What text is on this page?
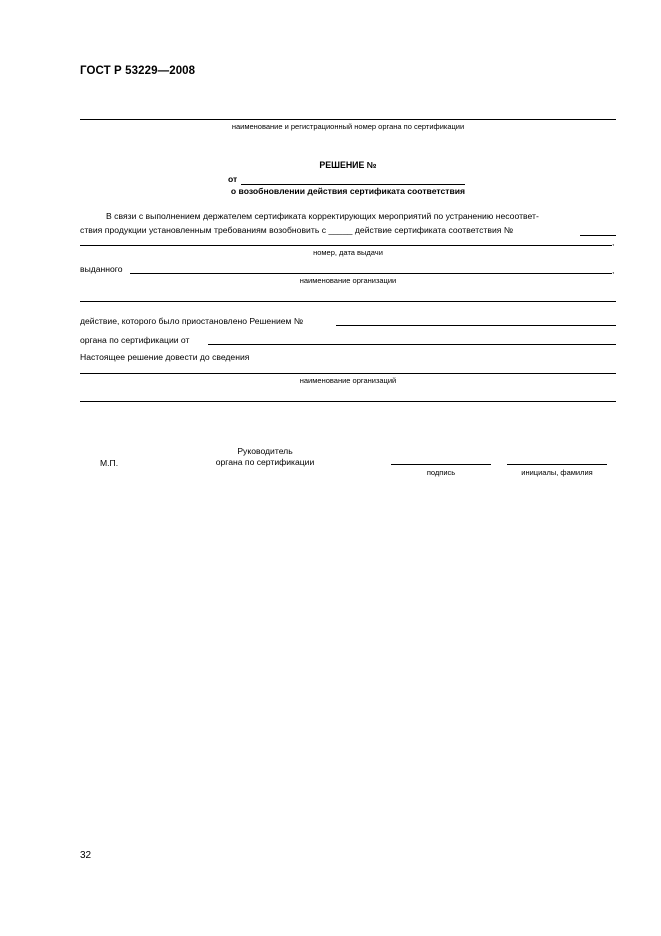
ГОСТ Р 53229—2008
наименование и регистрационный номер органа по сертификации
РЕШЕНИЕ №
от
о возобновлении действия сертификата соответствия
В связи с выполнением держателем сертификата корректирующих мероприятий по устранению несоответ-
ствия продукции установленным требованиям возобновить с _____ действие сертификата соответствия №
,
номер, дата выдачи
выданного	,
наименование организации
действие, которого было приостановлено Решением №
органа по сертификации от
Настоящее решение довести до сведения
наименование организаций
М.П.
Руководитель
органа по сертификации
подпись	инициалы, фамилия
32
